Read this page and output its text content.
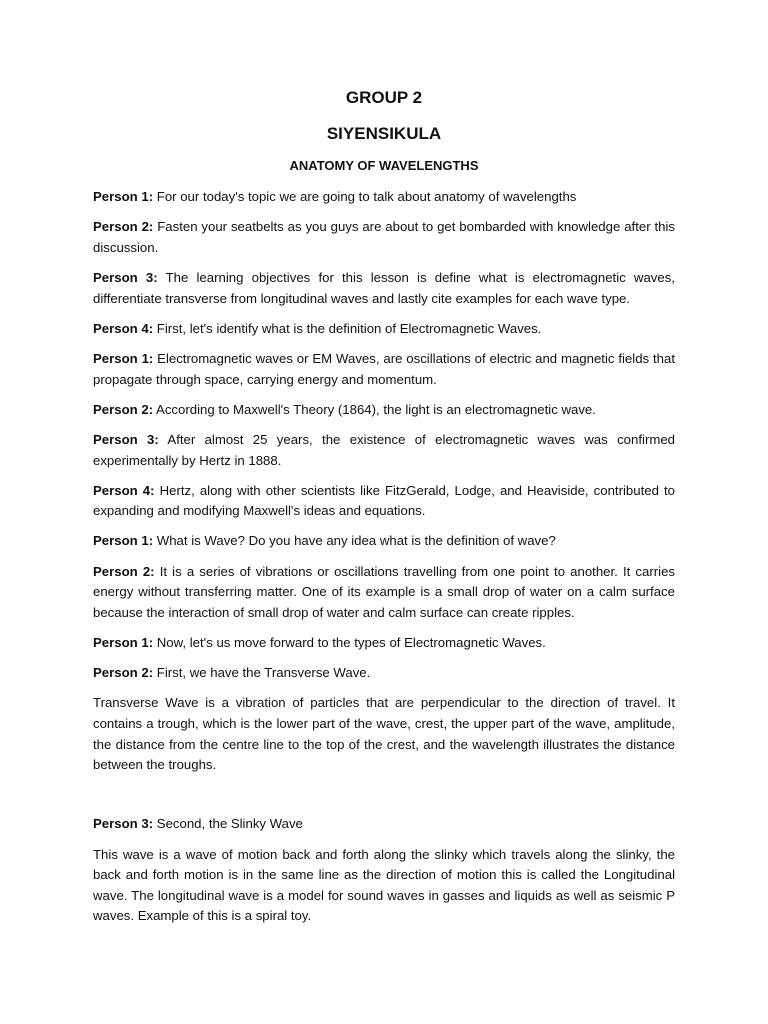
GROUP 2
SIYENSIKULA
ANATOMY OF WAVELENGTHS

Person 1: For our today's topic we are going to talk about anatomy of wavelengths

Person 2: Fasten your seatbelts as you guys are about to get bombarded with knowledge after this discussion.

Person 3: The learning objectives for this lesson is define what is electromagnetic waves, differentiate transverse from longitudinal waves and lastly cite examples for each wave type.

Person 4: First, let's identify what is the definition of Electromagnetic Waves.

Person 1: Electromagnetic waves or EM Waves, are oscillations of electric and magnetic fields that propagate through space, carrying energy and momentum.

Person 2: According to Maxwell's Theory (1864), the light is an electromagnetic wave.

Person 3: After almost 25 years, the existence of electromagnetic waves was confirmed experimentally by Hertz in 1888.

Person 4: Hertz, along with other scientists like FitzGerald, Lodge, and Heaviside, contributed to expanding and modifying Maxwell's ideas and equations.

Person 1: What is Wave? Do you have any idea what is the definition of wave?

Person 2: It is a series of vibrations or oscillations travelling from one point to another. It carries energy without transferring matter. One of its example is a small drop of water on a calm surface because the interaction of small drop of water and calm surface can create ripples.

Person 1: Now, let's us move forward to the types of Electromagnetic Waves.

Person 2: First, we have the Transverse Wave.

Transverse Wave is a vibration of particles that are perpendicular to the direction of travel. It contains a trough, which is the lower part of the wave, crest, the upper part of the wave, amplitude, the distance from the centre line to the top of the crest, and the wavelength illustrates the distance between the troughs.

Person 3: Second, the Slinky Wave

This wave is a wave of motion back and forth along the slinky which travels along the slinky, the back and forth motion is in the same line as the direction of motion this is called the Longitudinal wave. The longitudinal wave is a model for sound waves in gasses and liquids as well as seismic P waves. Example of this is a spiral toy.
